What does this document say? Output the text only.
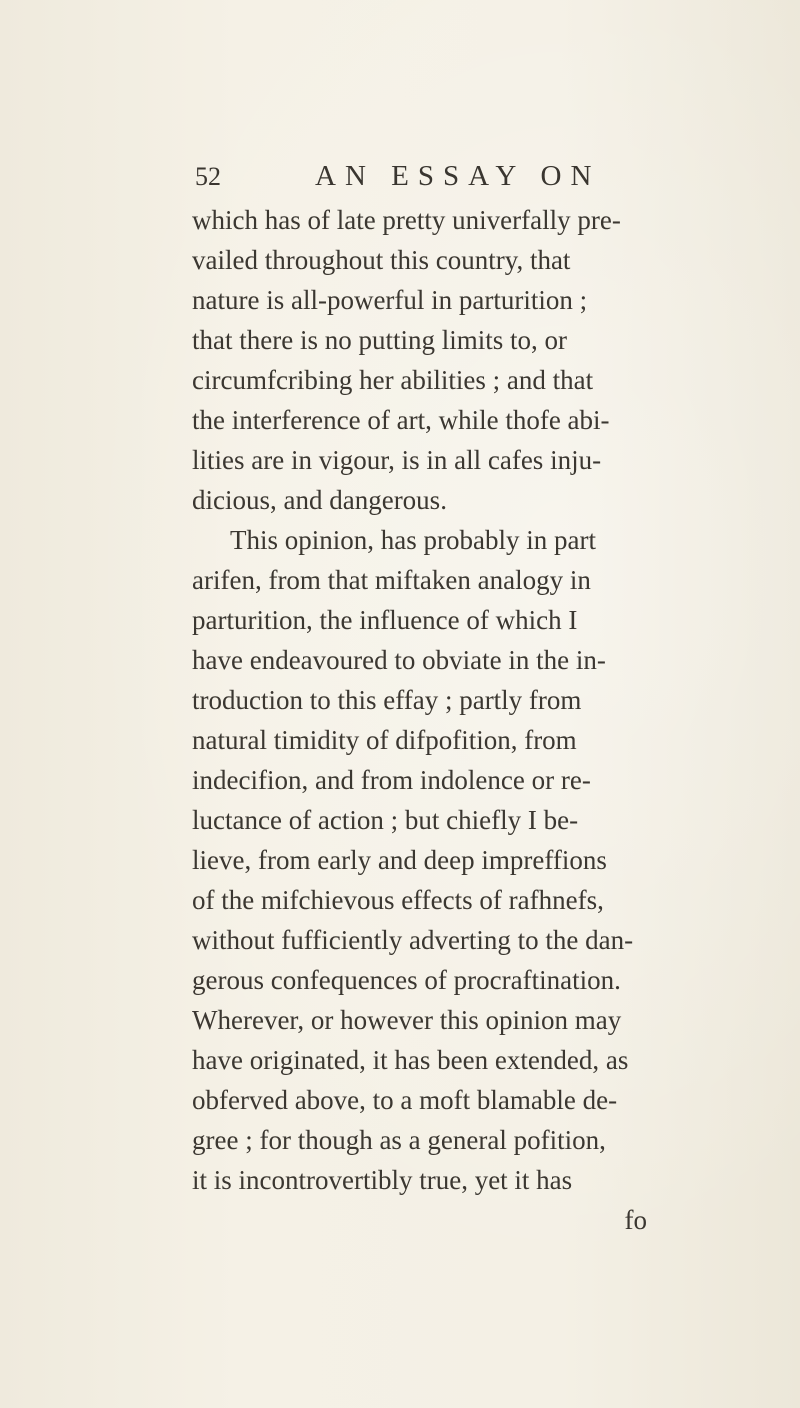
52	AN ESSAY ON
which has of late pretty univerfally pre-
vailed throughout this country, that
nature is all-powerful in parturition ;
that there is no putting limits to, or
circumfcribing her abilities ; and that
the interference of art, while thofe abi-
lities are in vigour, is in all cafes inju-
dicious, and dangerous.
This opinion, has probably in part
arifen, from that miftaken analogy in
parturition, the influence of which I
have endeavoured to obviate in the in-
troduction to this effay ; partly from
natural timidity of difpofition, from
indecifion, and from indolence or re-
luctance of action ; but chiefly I be-
lieve, from early and deep impreffions
of the mifchievous effects of rafhnefs,
without fufficiently adverting to the dan-
gerous confequences of procraftination.
Wherever, or however this opinion may
have originated, it has been extended, as
obferved above, to a moft blamable de-
gree ; for though as a general pofition,
it is incontrovertibly true, yet it has
fo
